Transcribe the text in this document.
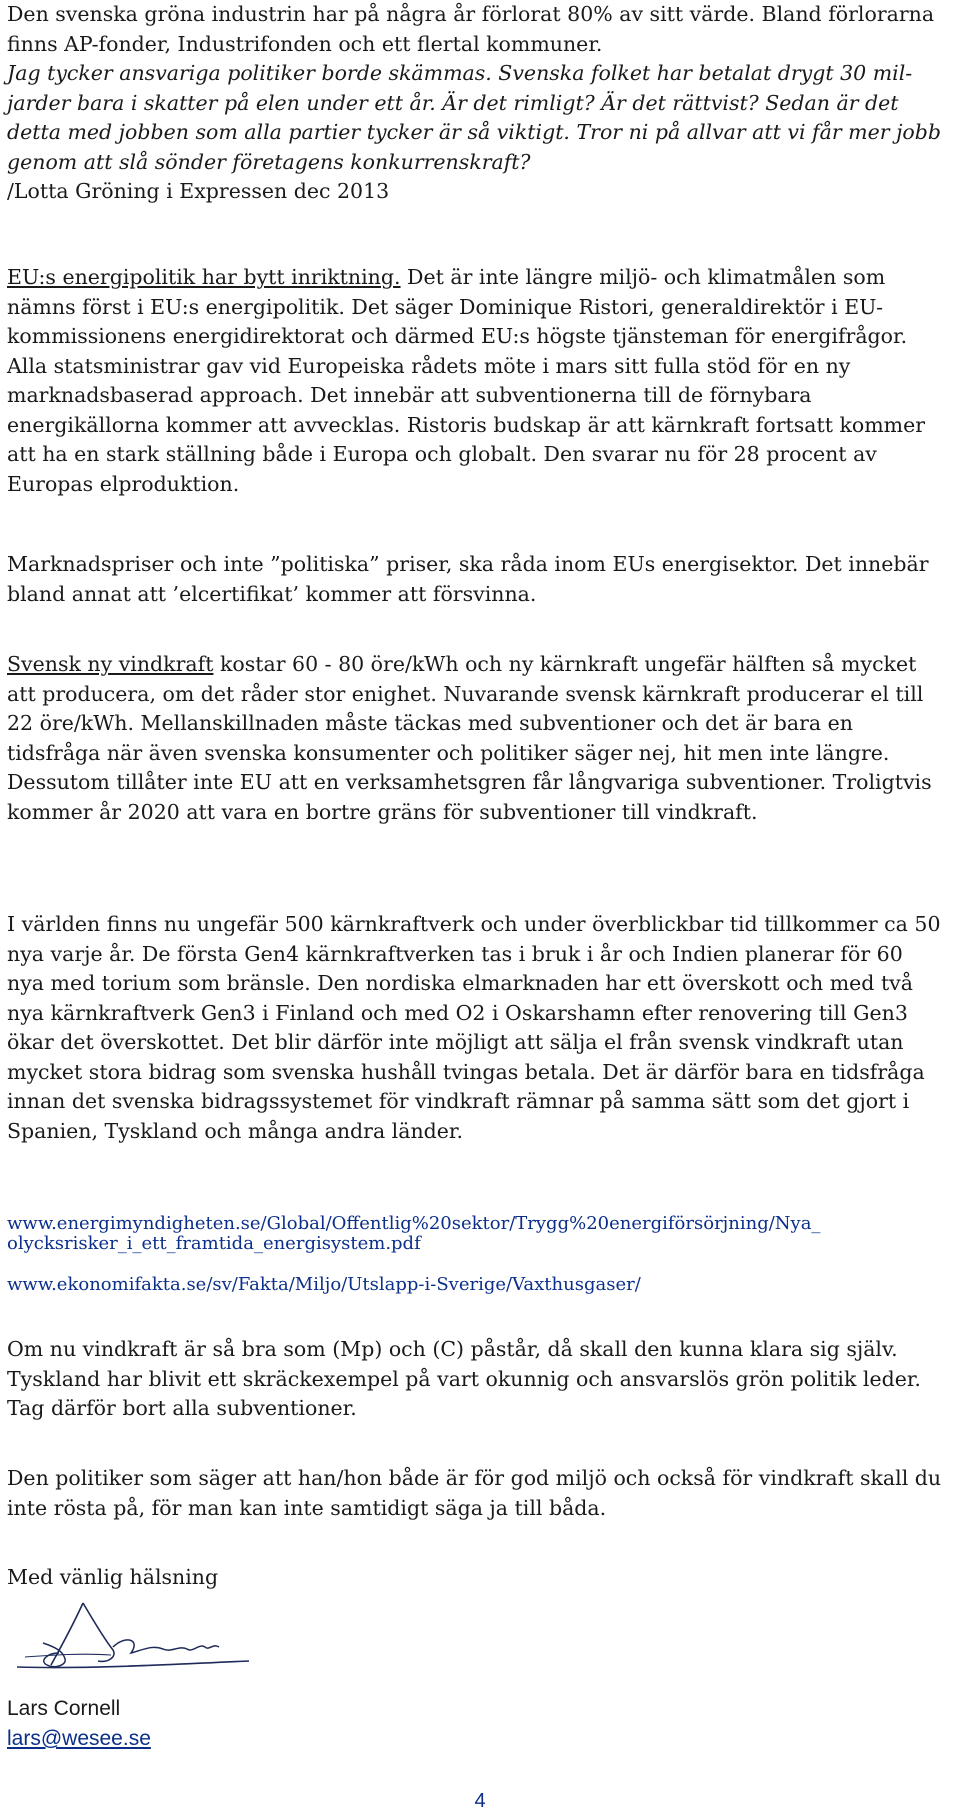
Den svenska gröna industrin har på några år förlorat 80% av sitt värde. Bland förlorarna finns AP-fonder, Industrifonden och ett flertal kommuner.

Jag tycker ansvariga politiker borde skämmas. Svenska folket har betalat drygt 30 miljarder bara i skatter på elen under ett år. Är det rimligt? Är det rättvist? Sedan är det detta med jobben som alla partier tycker är så viktigt. Tror ni på allvar att vi får mer jobb genom att slå sönder företagens konkurrenskraft?

/Lotta Gröning i Expressen dec 2013

EU:s energipolitik har bytt inriktning. Det är inte längre miljö- och klimatmålen som nämns först i EU:s energipolitik. Det säger Dominique Ristori, generaldirektör i EU-kommissionens energidirektorat och därmed EU:s högste tjänsteman för energifrågor. Alla statsministrar gav vid Europeiska rådets möte i mars sitt fulla stöd för en ny marknadsbaserad approach. Det innebär att subventionerna till de förnybara energikällorna kommer att avvecklas. Ristoris budskap är att kärnkraft fortsatt kommer att ha en stark ställning både i Europa och globalt. Den svarar nu för 28 procent av Europas elproduktion.

Marknadspriser och inte ”politiska” priser, ska råda inom EUs energisektor. Det innebär bland annat att ’elcertifikat’ kommer att försvinna.

Svensk ny vindkraft kostar 60 - 80 öre/kWh och ny kärnkraft ungefär hälften så mycket att producera, om det råder stor enighet. Nuvarande svensk kärnkraft producerar el till 22 öre/kWh. Mellanskillnaden måste täckas med subventioner och det är bara en tidsfråga när även svenska konsumenter och politiker säger nej, hit men inte längre. Dessutom tillåter inte EU att en verksamhetsgren får långvariga subventioner. Troligtvis kommer år 2020 att vara en bortre gräns för subventioner till vindkraft.

I världen finns nu ungefär 500 kärnkraftverk och under överblickbar tid tillkommer ca 50 nya varje år. De första Gen4 kärnkraftverken tas i bruk i år och Indien planerar för 60 nya med torium som bränsle. Den nordiska elmarknaden har ett överskott och med två nya kärnkraftverk Gen3 i Finland och med O2 i Oskarshamn efter renovering till Gen3 ökar det överskottet. Det blir därför inte möjligt att sälja el från svensk vindkraft utan mycket stora bidrag som svenska hushåll tvingas betala. Det är därför bara en tidsfråga innan det svenska bidragssystemet för vindkraft rämnar på samma sätt som det gjort i Spanien, Tyskland och många andra länder.

www.energimyndigheten.se/Global/Offentlig%20sektor/Trygg%20energiförsörjning/Nya_ olycksrisker_i_ett_framtida_energisystem.pdf

www.ekonomifakta.se/sv/Fakta/Miljo/Utslapp-i-Sverige/Vaxthusgaser/

Om nu vindkraft är så bra som (Mp) och (C) påstår, då skall den kunna klara sig själv. Tyskland har blivit ett skräckexempel på vart okunnig och ansvarslös grön politik leder. Tag därför bort alla subventioner.

Den politiker som säger att han/hon både är för god miljö och också för vindkraft skall du inte rösta på, för man kan inte samtidigt säga ja till båda.

Med vänlig hälsning

Lars Cornell

lars@wesee.se

4
